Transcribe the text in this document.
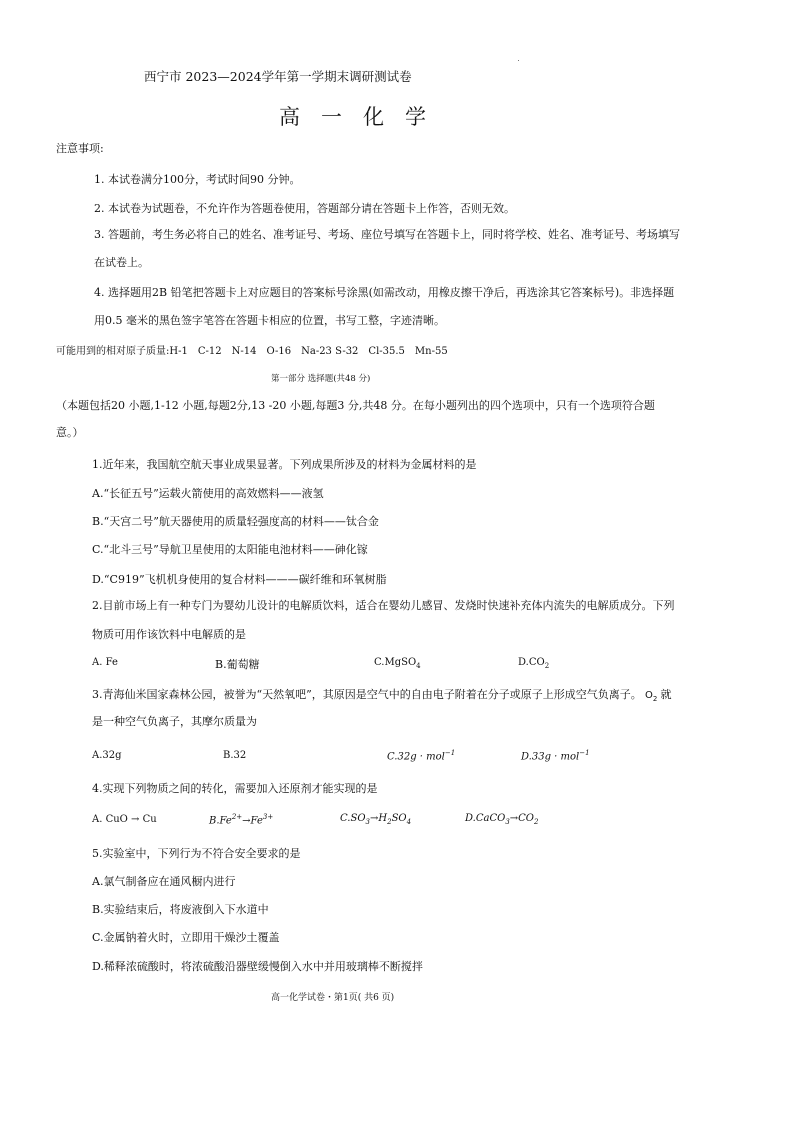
西宁市 2023—2024学年第一学期末调研测试卷
高　一　化　学
注意事项:
1. 本试卷满分100分，考试时间90 分钟。
2. 本试卷为试题卷，不允许作为答题卷使用，答题部分请在答题卡上作答，否则无效。
3. 答题前，考生务必将自己的姓名、准考证号、考场、座位号填写在答题卡上，同时将学校、姓名、准考证号、考场填写
在试卷上。
4. 选择题用2B 铅笔把答题卡上对应题目的答案标号涂黑(如需改动，用橡皮擦干净后，再选涂其它答案标号)。非选择题
用0.5 毫米的黑色签字笔答在答题卡相应的位置，书写工整，字迹清晰。
可能用到的相对原子质量:H-1　C-12　N-14　O-16　Na-23 S-32　Cl-35.5　Mn-55
第一部分 选择题(共48 分)
（本题包括20 小题,1-12 小题,每题2分,13 -20 小题,每题3 分,共48 分。在每小题列出的四个选项中，只有一个选项符合题
意。）
1.近年来，我国航空航天事业成果显著。下列成果所涉及的材料为金属材料的是
A.“长征五号”运载火箭使用的高效燃料——液氢
B.“天宫二号”航天器使用的质量轻强度高的材料——钛合金
C.“北斗三号”导航卫星使用的太阳能电池材料——砷化镓
D.“C919”飞机机身使用的复合材料———碳纤维和环氧树脂
2.目前市场上有一种专门为婴幼儿设计的电解质饮料，适合在婴幼儿感冒、发烧时快速补充体内流失的电解质成分。下列
物质可用作该饮料中电解质的是
A. Fe	B.葡萄糖	C.MgSO$_4$	$D.CO_2$
3.青海仙米国家森林公园，被誉为“天然氧吧”，其原因是空气中的自由电子附着在分子或原子上形成空气负离子。 $O_2$ 就
是一种空气负离子，其摩尔质量为
A.32g	B.32	C.32g · mol$^{-1}$	D.33g · mol$^{-1}$
4.实现下列物质之间的转化，需要加入还原剂才能实现的是
A. CuO → Cu	$B.Fe^{2+}\to Fe^{3+}$	$C.SO_3\to H_2SO_4$	$D.CaCO_3\to CO_2$
5.实验室中，下列行为不符合安全要求的是
A.氯气制备应在通风橱内进行
B.实验结束后，将废液倒入下水道中
C.金属钠着火时，立即用干燥沙土覆盖
D.稀释浓硫酸时，将浓硫酸沿器壁缓慢倒入水中并用玻璃棒不断搅拌
高一化学试卷・第1页( 共6 页)
